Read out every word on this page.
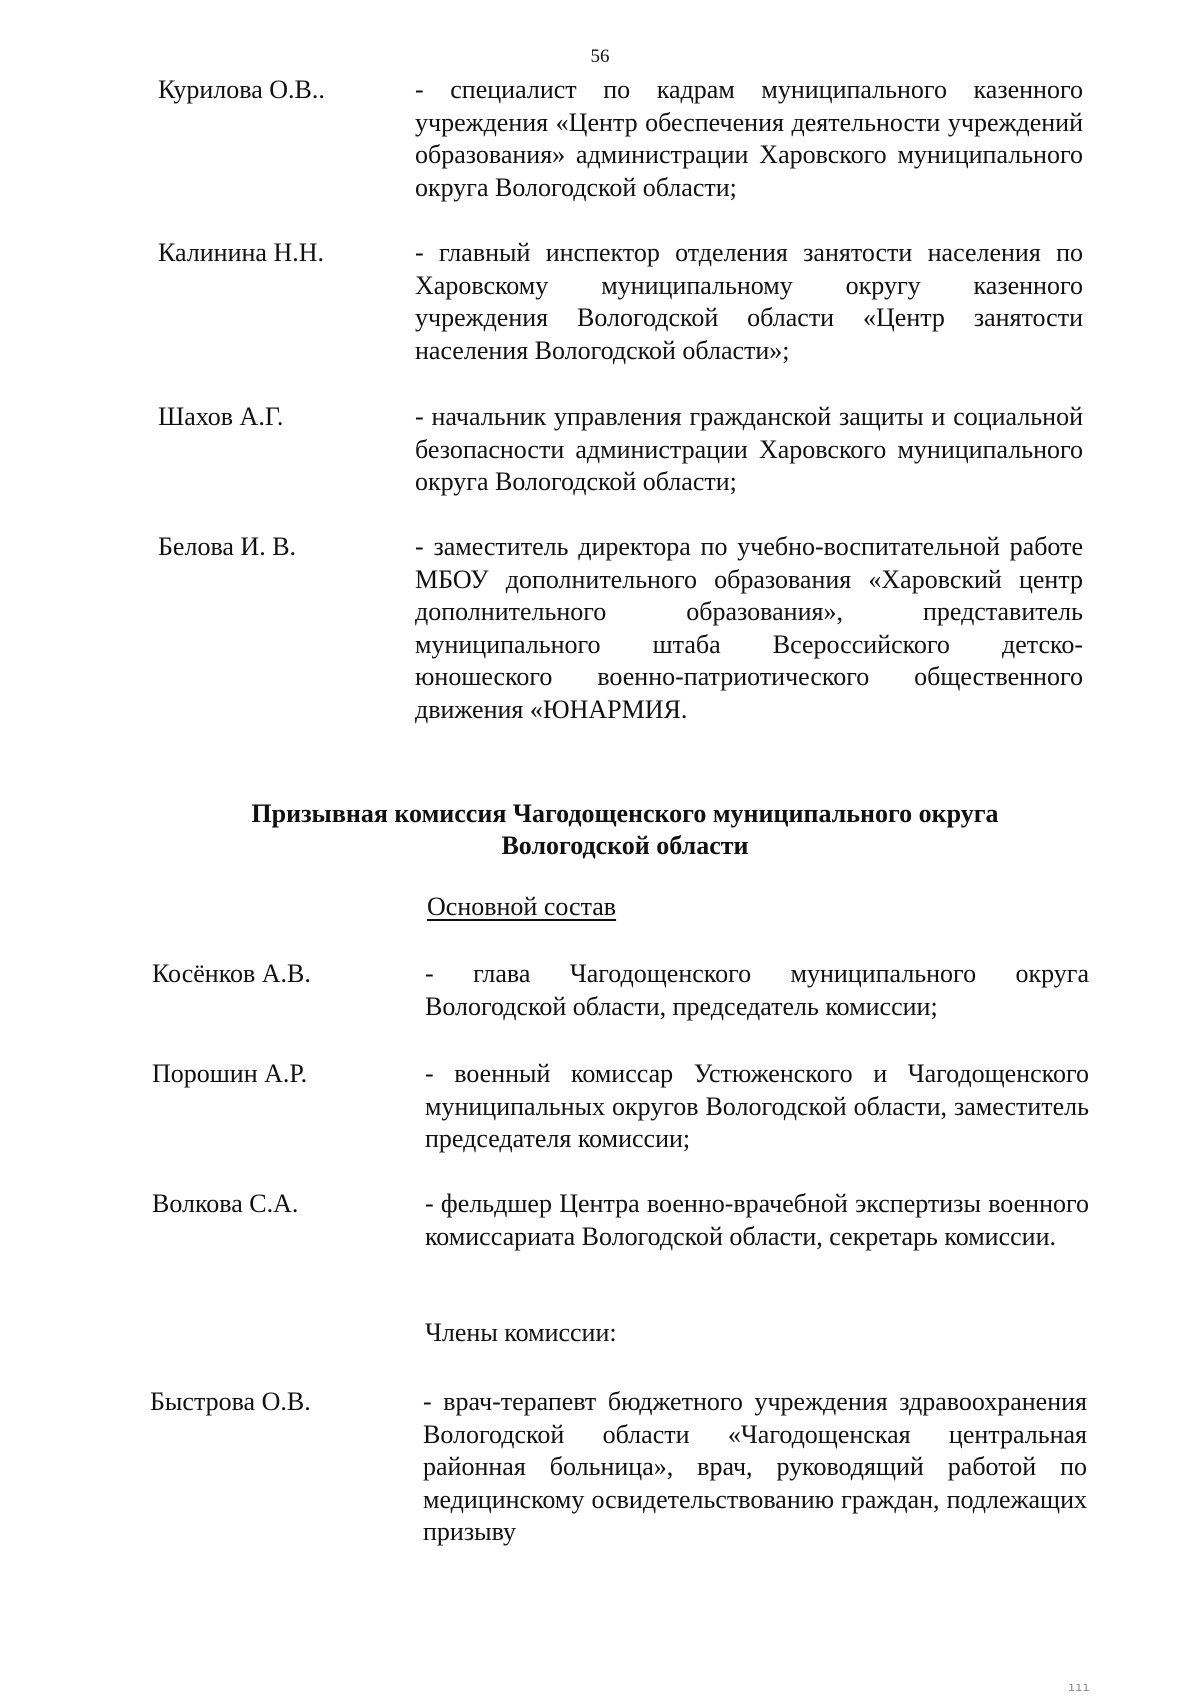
56
Курилова О.В..	- специалист по кадрам муниципального казенного учреждения «Центр обеспечения деятельности учреждений образования» администрации Харовского муниципального округа Вологодской области;
Калинина Н.Н.	- главный инспектор отделения занятости населения по Харовскому муниципальному округу казенного учреждения Вологодской области «Центр занятости населения Вологодской области»;
Шахов А.Г.	- начальник управления гражданской защиты и социальной безопасности администрации Харовского муниципального округа Вологодской области;
Белова И. В.	- заместитель директора по учебно-воспитательной работе МБОУ дополнительного образования «Харовский центр дополнительного образования», представитель муниципального штаба Всероссийского детско-юношеского военно-патриотического общественного движения «ЮНАРМИЯ.
Призывная комиссия Чагодощенского муниципального округа
Вологодской области
Основной состав
Косёнков А.В.	- глава Чагодощенского муниципального округа Вологодской области, председатель комиссии;
Порошин А.Р.	- военный комиссар Устюженского и Чагодощенского муниципальных округов Вологодской области, заместитель председателя комиссии;
Волкова С.А.	- фельдшер Центра военно-врачебной экспертизы военного комиссариата Вологодской области, секретарь комиссии.
Члены комиссии:
Быстрова О.В.	- врач-терапевт бюджетного учреждения здравоохранения Вологодской области «Чагодощенская центральная районная больница», врач, руководящий работой по медицинскому освидетельствованию граждан, подлежащих призыву
ııı
